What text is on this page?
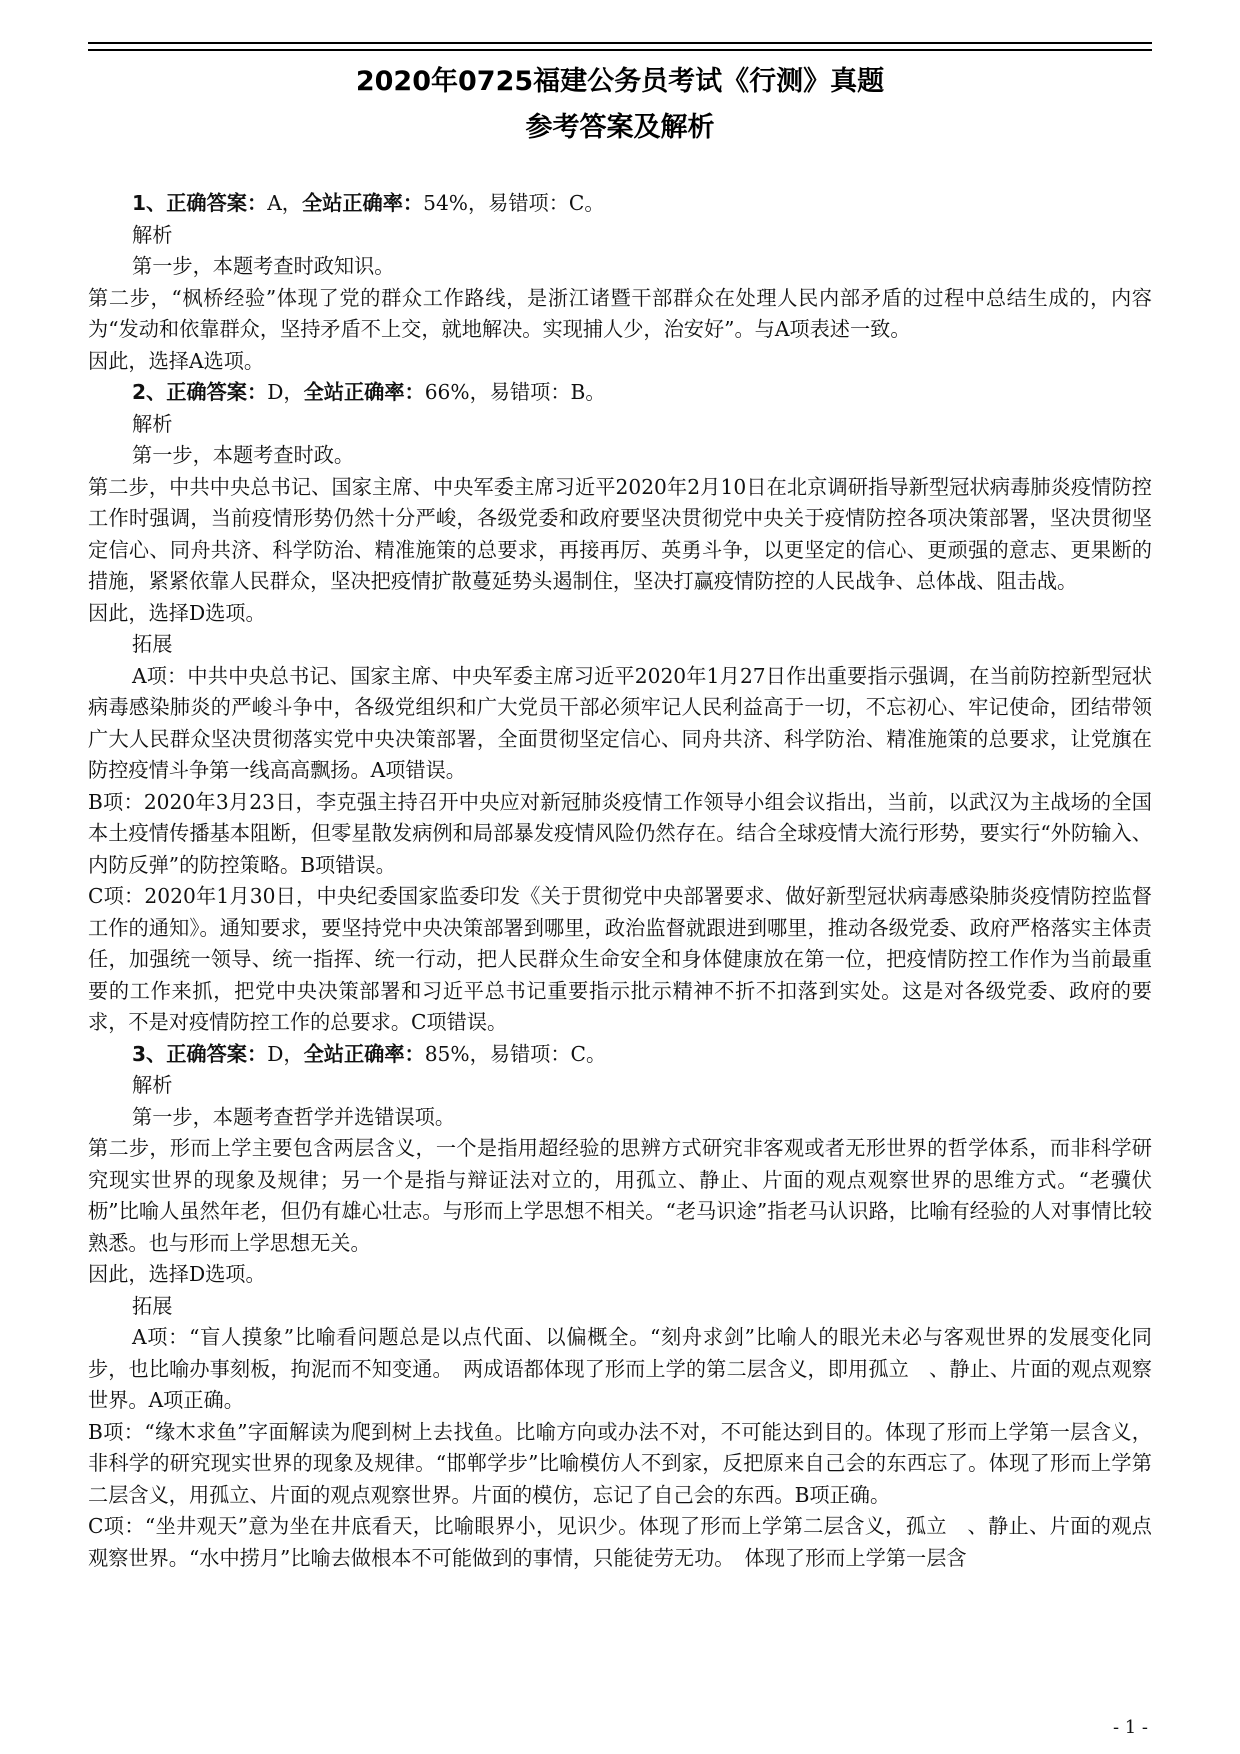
2020年0725福建公务员考试《行测》真题
参考答案及解析

1、正确答案：A，全站正确率：54%，易错项：C。

解析

第一步，本题考查时政知识。

第二步，“枫桥经验”体现了党的群众工作路线，是浙江诸暨干部群众在处理人民内部矛盾的过程中总结生成的，内容为“发动和依靠群众，坚持矛盾不上交，就地解决。实现捕人少，治安好”。与A项表述一致。

因此，选择A选项。

2、正确答案：D，全站正确率：66%，易错项：B。

解析

第一步，本题考查时政。

第二步，中共中央总书记、国家主席、中央军委主席习近平2020年2月10日在北京调研指导新型冠状病毒肺炎疫情防控工作时强调，当前疫情形势仍然十分严峻，各级党委和政府要坚决贯彻党中央关于疫情防控各项决策部署，坚决贯彻坚定信心、同舟共济、科学防治、精准施策的总要求，再接再厉、英勇斗争，以更坚定的信心、更顽强的意志、更果断的措施，紧紧依靠人民群众，坚决把疫情扩散蔓延势头遏制住，坚决打赢疫情防控的人民战争、总体战、阻击战。

因此，选择D选项。

拓展

A项：中共中央总书记、国家主席、中央军委主席习近平2020年1月27日作出重要指示强调，在当前防控新型冠状病毒感染肺炎的严峻斗争中，各级党组织和广大党员干部必须牢记人民利益高于一切，不忘初心、牢记使命，团结带领广大人民群众坚决贯彻落实党中央决策部署，全面贯彻坚定信心、同舟共济、科学防治、精准施策的总要求，让党旗在防控疫情斗争第一线高高飘扬。A项错误。

B项：2020年3月23日，李克强主持召开中央应对新冠肺炎疫情工作领导小组会议指出，当前，以武汉为主战场的全国本土疫情传播基本阻断，但零星散发病例和局部暴发疫情风险仍然存在。结合全球疫情大流行形势，要实行“外防输入、内防反弹”的防控策略。B项错误。

C项：2020年1月30日，中央纪委国家监委印发《关于贯彻党中央部署要求、做好新型冠状病毒感染肺炎疫情防控监督工作的通知》。通知要求，要坚持党中央决策部署到哪里，政治监督就跟进到哪里，推动各级党委、政府严格落实主体责任，加强统一领导、统一指挥、统一行动，把人民群众生命安全和身体健康放在第一位，把疫情防控工作作为当前最重要的工作来抓，把党中央决策部署和习近平总书记重要指示批示精神不折不扣落到实处。这是对各级党委、政府的要求，不是对疫情防控工作的总要求。C项错误。

3、正确答案：D，全站正确率：85%，易错项：C。

解析

第一步，本题考查哲学并选错误项。

第二步，形而上学主要包含两层含义，一个是指用超经验的思辨方式研究非客观或者无形世界的哲学体系，而非科学研究现实世界的现象及规律；另一个是指与辩证法对立的，用孤立、静止、片面的观点观察世界的思维方式。“老骥伏枥”比喻人虽然年老，但仍有雄心壮志。与形而上学思想不相关。“老马识途”指老马认识路，比喻有经验的人对事情比较熟悉。也与形而上学思想无关。

因此，选择D选项。

拓展

A项：“盲人摸象”比喻看问题总是以点代面、以偏概全。“刻舟求剑”比喻人的眼光未必与客观世界的发展变化同步，也比喻办事刻板，拘泥而不知变通。　两成语都体现了形而上学的第二层含义，即用孤立　、静止、片面的观点观察世界。A项正确。

B项：“缘木求鱼”字面解读为爬到树上去找鱼。比喻方向或办法不对，不可能达到目的。体现了形而上学第一层含义，非科学的研究现实世界的现象及规律。“邯郸学步”比喻模仿人不到家，反把原来自己会的东西忘了。体现了形而上学第二层含义，用孤立、片面的观点观察世界。片面的模仿，忘记了自己会的东西。B项正确。

C项：“坐井观天”意为坐在井底看天，比喻眼界小，见识少。体现了形而上学第二层含义，孤立　、静止、片面的观点观察世界。“水中捞月”比喻去做根本不可能做到的事情，只能徒劳无功。　体现了形而上学第一层含

- 1 -
